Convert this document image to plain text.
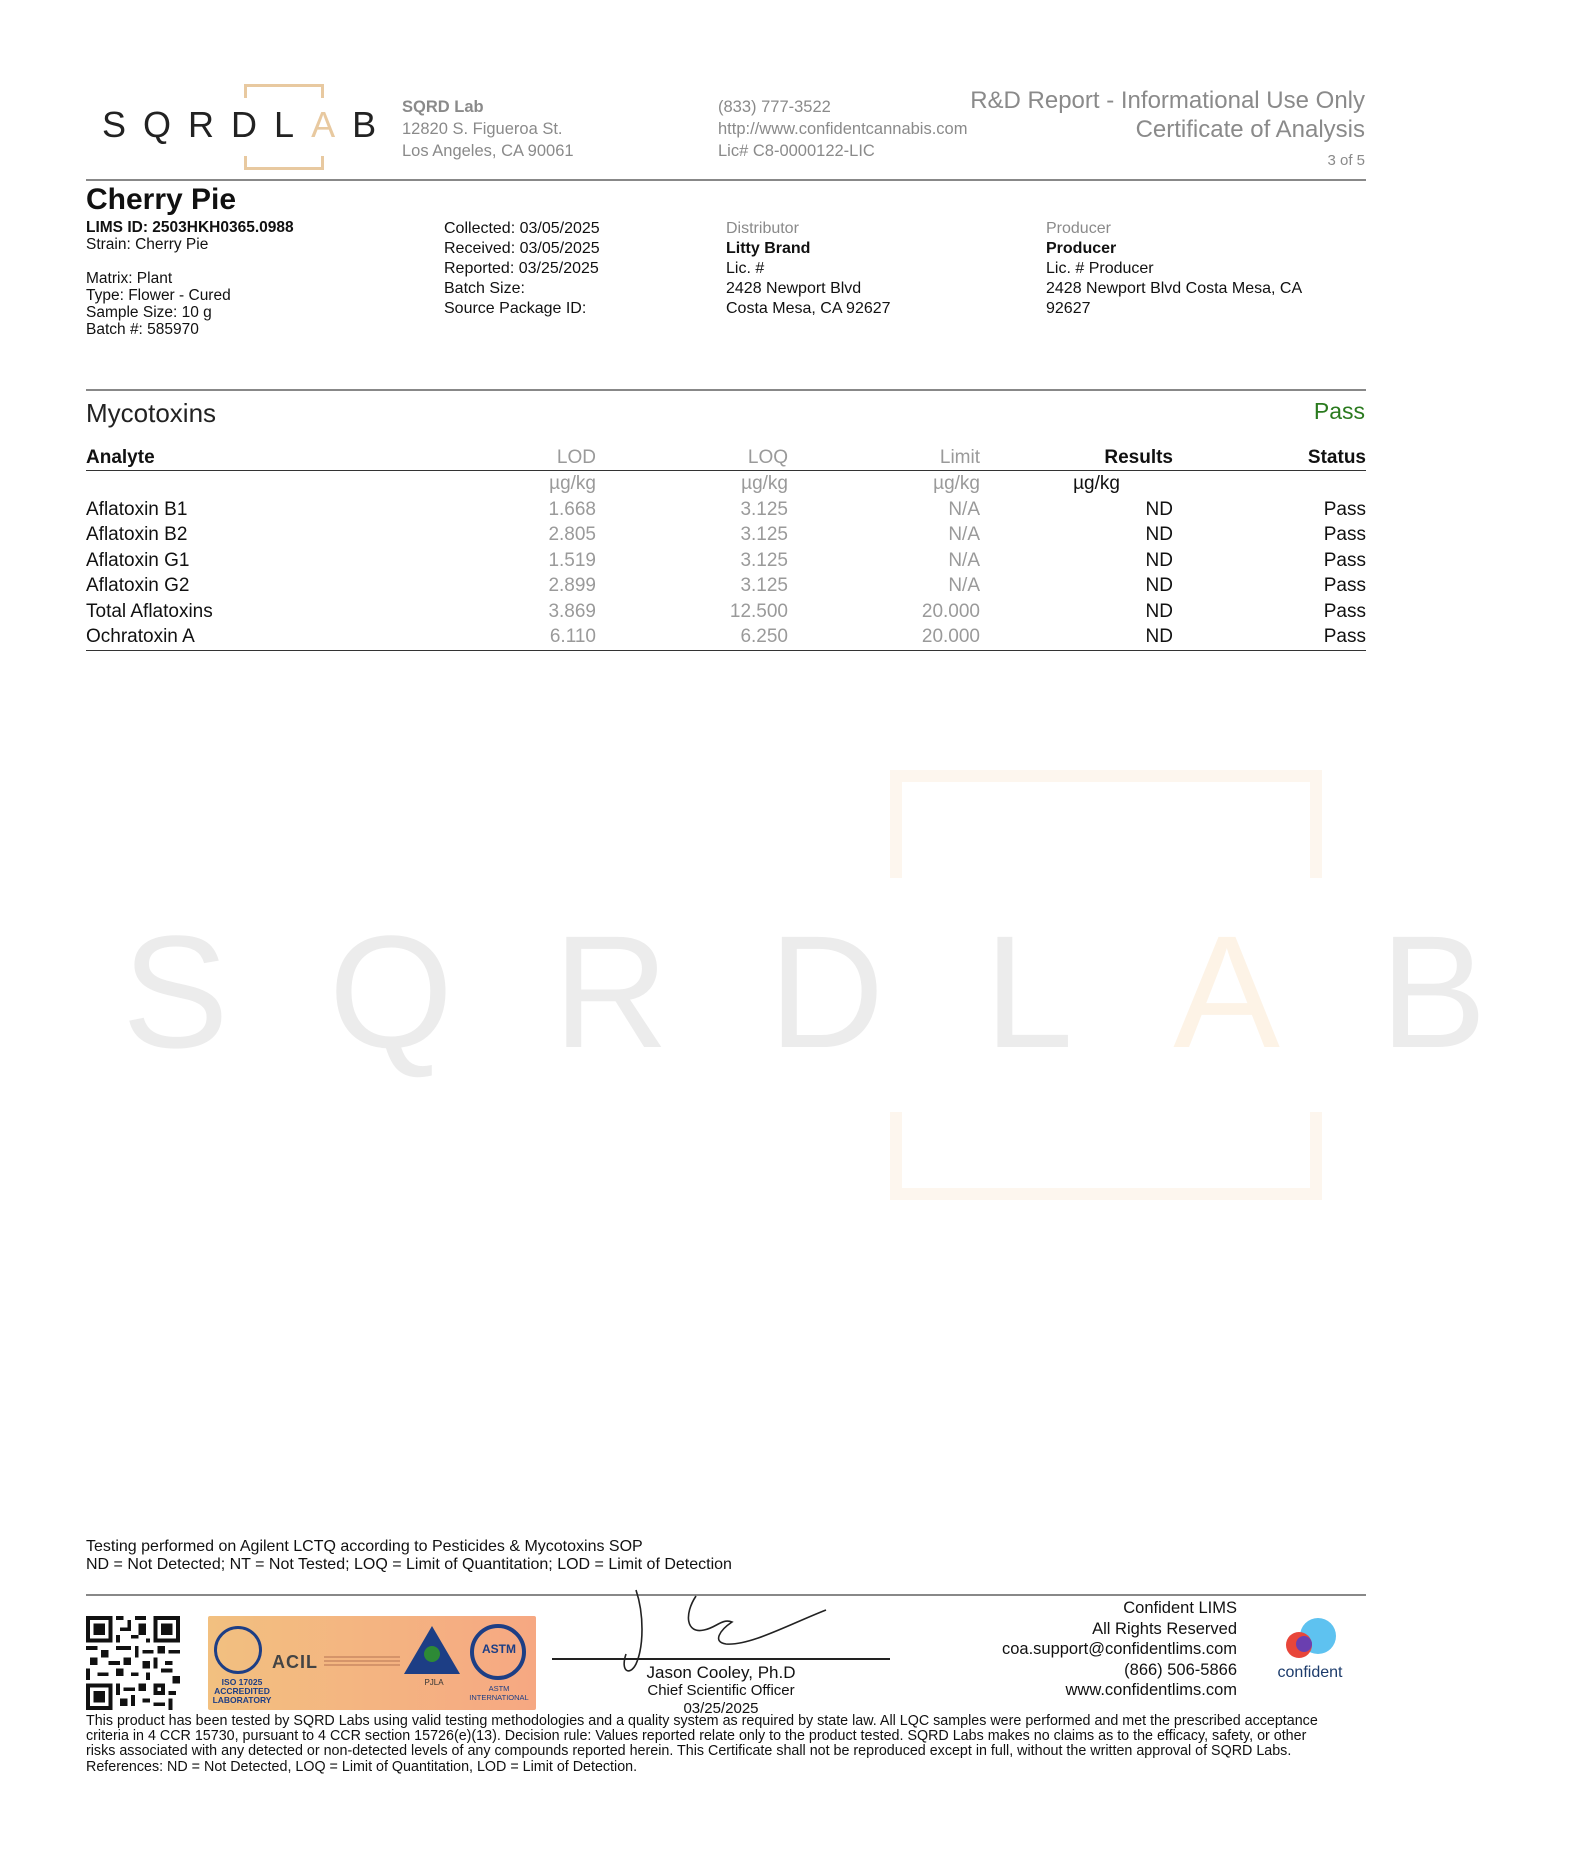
SQRDLAB SQRD Lab
12820 S. Figueroa St.
Los Angeles, CA 90061
(833) 777-3522
http://www.confidentcannabis.com
Lic# C8-0000122-LIC
R&D Report - Informational Use Only
Certificate of Analysis
3 of 5
Cherry Pie
LIMS ID: 2503HKH0365.0988
Strain: Cherry Pie
Matrix: Plant
Type: Flower - Cured
Sample Size: 10 g
Batch #: 585970
Collected: 03/05/2025
Received: 03/05/2025
Reported: 03/25/2025
Batch Size:
Source Package ID:
Distributor
Litty Brand
Lic. #
2428 Newport Blvd
Costa Mesa, CA 92627
Producer
Producer
Lic. # Producer
2428 Newport Blvd Costa Mesa, CA
92627
SQRDLAB
Mycotoxins	Pass
Analyte	LOD	LOQ	Limit	Results	Status
	µg/kg	µg/kg	µg/kg	µg/kg	
Aflatoxin B1	1.668	3.125	N/A	ND	Pass
Aflatoxin B2	2.805	3.125	N/A	ND	Pass
Aflatoxin G1	1.519	3.125	N/A	ND	Pass
Aflatoxin G2	2.899	3.125	N/A	ND	Pass
Total Aflatoxins	3.869	12.500	20.000	ND	Pass
Ochratoxin A	6.110	6.250	20.000	ND	Pass
Testing performed on Agilent LCTQ according to Pesticides & Mycotoxins SOP
ND = Not Detected; NT = Not Tested; LOQ = Limit of Quantitation; LOD = Limit of Detection
ISO 17025 ACCREDITED LABORATORY
ACIL
PJLA
ASTM
ASTM INTERNATIONAL
Jason Cooley, Ph.D
Chief Scientific Officer
03/25/2025
Confident LIMS
All Rights Reserved
coa.support@confidentlims.com
(866) 506-5866
www.confidentlims.com
confident
This product has been tested by SQRD Labs using valid testing methodologies and a quality system as required by state law. All LQC samples were performed and met the prescribed acceptance
criteria in 4 CCR 15730, pursuant to 4 CCR section 15726(e)(13). Decision rule: Values reported relate only to the product tested. SQRD Labs makes no claims as to the efficacy, safety, or other
risks associated with any detected or non-detected levels of any compounds reported herein. This Certificate shall not be reproduced except in full, without the written approval of SQRD Labs.
References: ND = Not Detected, LOQ = Limit of Quantitation, LOD = Limit of Detection.
